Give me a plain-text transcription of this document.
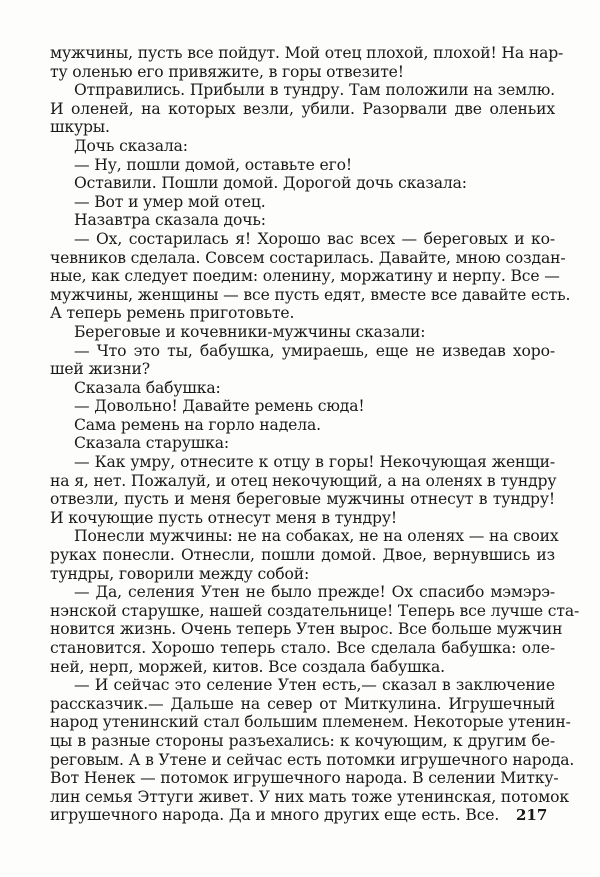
мужчины, пусть все пойдут. Мой отец плохой, плохой! На нар-
ту оленью его привяжите, в горы отвезите!
Отправились. Прибыли в тундру. Там положили на землю.
И оленей, на которых везли, убили. Разорвали две оленьих
шкуры.
Дочь сказала:
— Ну, пошли домой, оставьте его!
Оставили. Пошли домой. Дорогой дочь сказала:
— Вот и умер мой отец.
Назавтра сказала дочь:
— Ох, состарилась я! Хорошо вас всех — береговых и ко-
чевников сделала. Совсем состарилась. Давайте, мною создан-
ные, как следует поедим: оленину, моржатину и нерпу. Все —
мужчины, женщины — все пусть едят, вместе все давайте есть.
А теперь ремень приготовьте.
Береговые и кочевники-мужчины сказали:
— Что это ты, бабушка, умираешь, еще не изведав хоро-
шей жизни?
Сказала бабушка:
— Довольно! Давайте ремень сюда!
Сама ремень на горло надела.
Сказала старушка:
— Как умру, отнесите к отцу в горы! Некочующая женщи-
на я, нет. Пожалуй, и отец некочующий, а на оленях в тундру
отвезли, пусть и меня береговые мужчины отнесут в тундру!
И кочующие пусть отнесут меня в тундру!
Понесли мужчины: не на собаках, не на оленях — на своих
руках понесли. Отнесли, пошли домой. Двое, вернувшись из
тундры, говорили между собой:
— Да, селения Утен не было прежде! Ох спасибо мэмэрэ-
нэнской старушке, нашей создательнице! Теперь все лучше ста-
новится жизнь. Очень теперь Утен вырос. Все больше мужчин
становится. Хорошо теперь стало. Все сделала бабушка: оле-
ней, нерп, моржей, китов. Все создала бабушка.
— И сейчас это селение Утен есть,— сказал в заключение
рассказчик.— Дальше на север от Миткулина. Игрушечный
народ утенинский стал большим племенем. Некоторые утенин-
цы в разные стороны разъехались: к кочующим, к другим бе-
реговым. А в Утене и сейчас есть потомки игрушечного народа.
Вот Ненек — потомок игрушечного народа. В селении Митку-
лин семья Эттуги живет. У них мать тоже утенинская, потомок
игрушечного народа. Да и много других еще есть. Все.	217
